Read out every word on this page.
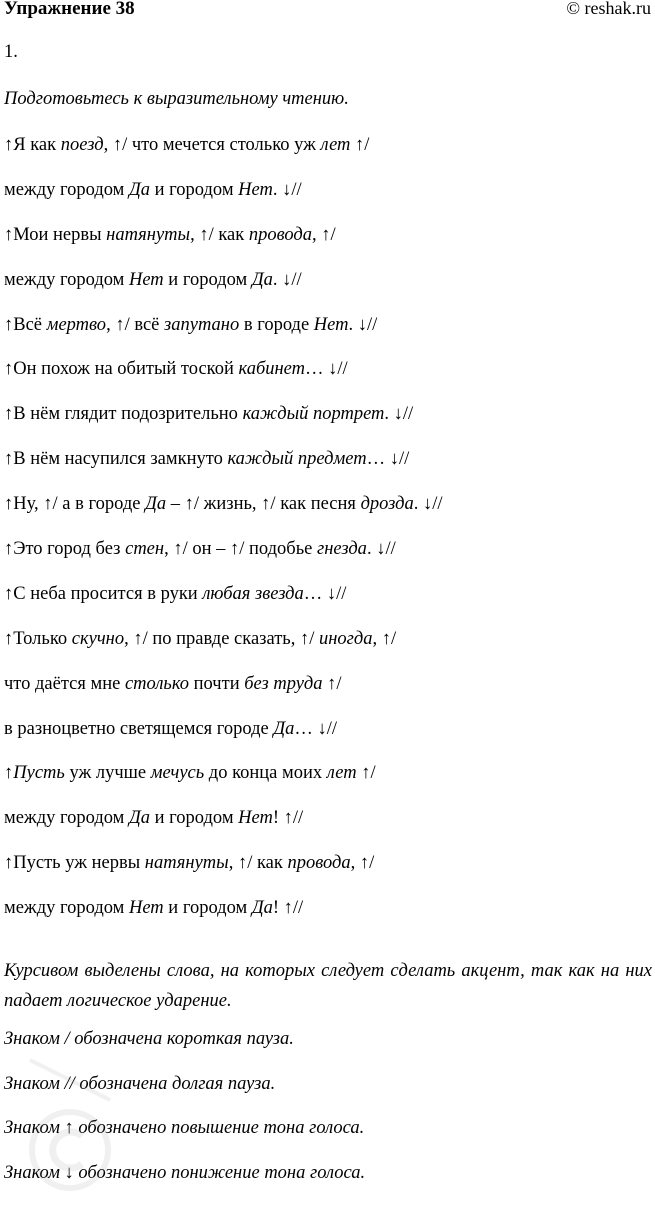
Упражнение 38	© reshak.ru
1.
Подготовьтесь к выразительному чтению.
↑Я как поезд, ↑/ что мечется столько уж лет ↑/
между городом Да и городом Нет. ↓//
↑Мои нервы натянуты, ↑/ как провода, ↑/
между городом Нет и городом Да. ↓//
↑Всё мертво, ↑/ всё запутано в городе Нет. ↓//
↑Он похож на обитый тоской кабинет… ↓//
↑В нём глядит подозрительно каждый портрет. ↓//
↑В нём насупился замкнуто каждый предмет… ↓//
↑Ну, ↑/ а в городе Да – ↑/ жизнь, ↑/ как песня дрозда. ↓//
↑Это город без стен, ↑/ он – ↑/ подобье гнезда. ↓//
↑С неба просится в руки любая звезда… ↓//
↑Только скучно, ↑/ по правде сказать, ↑/ иногда, ↑/
что даётся мне столько почти без труда ↑/
в разноцветно светящемся городе Да… ↓//
↑Пусть уж лучше мечусь до конца моих лет ↑/
между городом Да и городом Нет! ↑//
↑Пусть уж нервы натянуты, ↑/ как провода, ↑/
между городом Нет и городом Да! ↑//

Курсивом выделены слова, на которых следует сделать акцент, так как на них падает логическое ударение.

Знаком / обозначена короткая пауза.

Знаком // обозначена долгая пауза.

Знаком ↑ обозначено повышение тона голоса.

Знаком ↓ обозначено понижение тона голоса.
